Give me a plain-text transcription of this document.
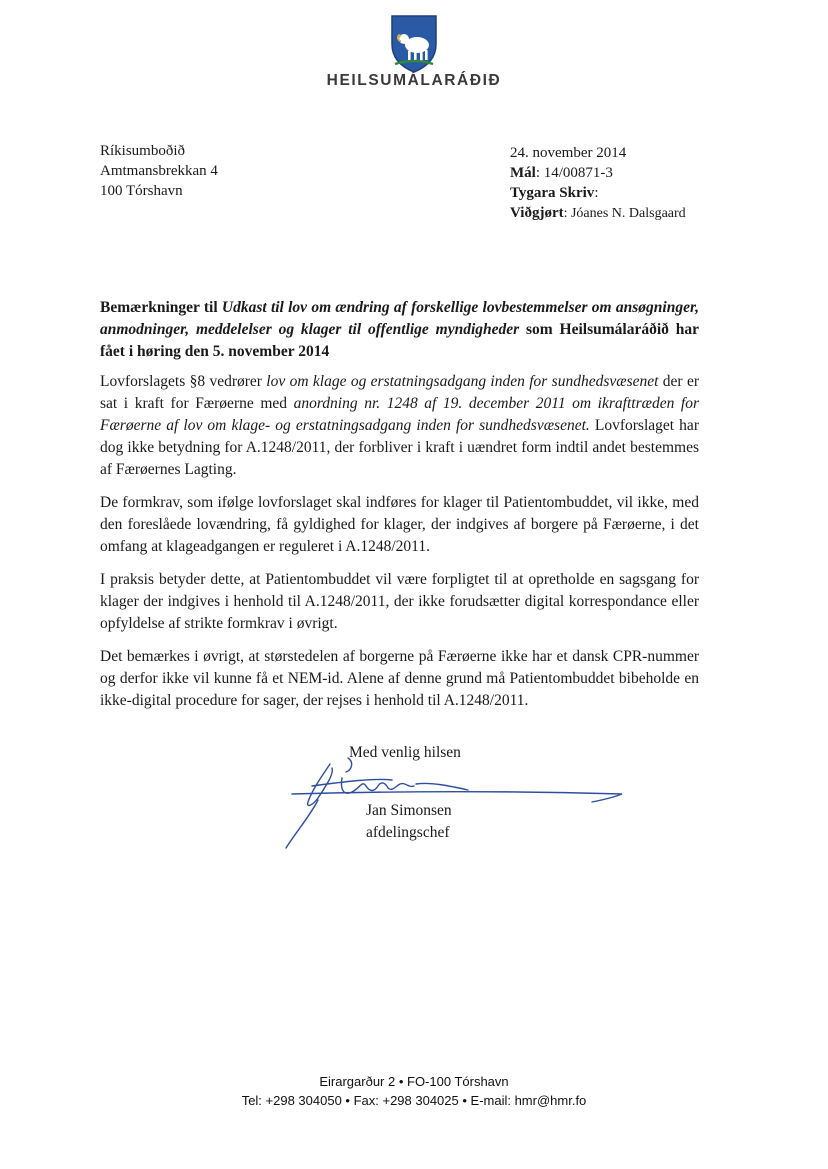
HEILSUMÁLARÁÐIÐ
Ríkisumboðið
Amtmansbrekkan 4
100 Tórshavn
24. november 2014
Mál: 14/00871-3
Tygara Skriv:
Viðgjørt: Jóanes N. Dalsgaard

Bemærkninger til Udkast til lov om ændring af forskellige lovbestemmelser om ansøgninger, anmodninger, meddelelser og klager til offentlige myndigheder som Heilsumálaráðið har fået i høring den 5. november 2014

Lovforslagets §8 vedrører lov om klage og erstatningsadgang inden for sundhedsvæsenet der er sat i kraft for Færøerne med anordning nr. 1248 af 19. december 2011 om ikrafttræden for Færøerne af lov om klage- og erstatningsadgang inden for sundhedsvæsenet. Lovforslaget har dog ikke betydning for A.1248/2011, der forbliver i kraft i uændret form indtil andet bestemmes af Færøernes Lagting.

De formkrav, som ifølge lovforslaget skal indføres for klager til Patientombuddet, vil ikke, med den foreslåede lovændring, få gyldighed for klager, der indgives af borgere på Færøerne, i det omfang at klageadgangen er reguleret i A.1248/2011.

I praksis betyder dette, at Patientombuddet vil være forpligtet til at opretholde en sagsgang for klager der indgives i henhold til A.1248/2011, der ikke forudsætter digital korrespondance eller opfyldelse af strikte formkrav i øvrigt.

Det bemærkes i øvrigt, at størstedelen af borgerne på Færøerne ikke har et dansk CPR-nummer og derfor ikke vil kunne få et NEM-id. Alene af denne grund må Patientombuddet bibeholde en ikke-digital procedure for sager, der rejses i henhold til A.1248/2011.

Med venlig hilsen
Jan Simonsen
afdelingschef
Eirargarður 2 • FO-100 Tórshavn
Tel: +298 304050 • Fax: +298 304025 • E-mail: hmr@hmr.fo
